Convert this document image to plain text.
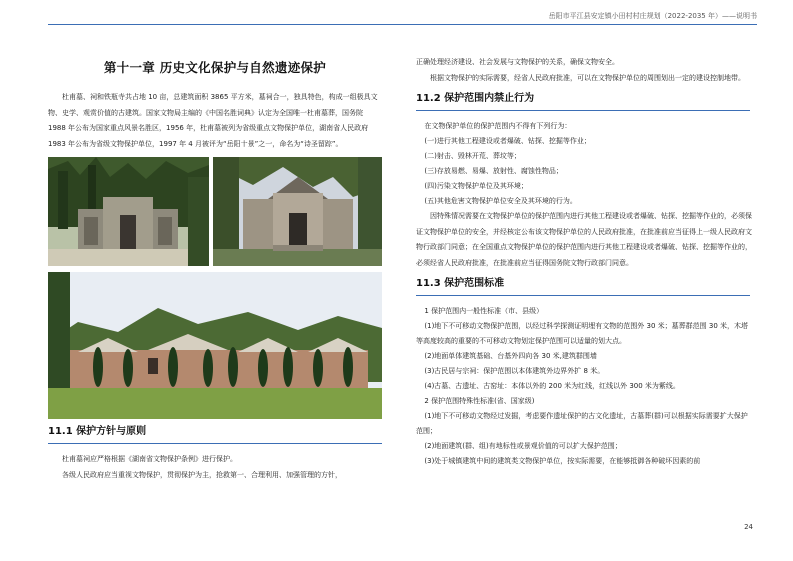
岳阳市平江县安定镇小田村村庄规划（2022-2035 年）——说明书
第十一章 历史文化保护与自然遗迹保护

杜甫墓、祠和铁瓶寺共占地 10 亩，总建筑面积 3865 平方米，墓祠合一，独具特色，构成一组极具文物、史学、观赏价值的古建筑。国家文物局主编的《中国名胜词典》认定为全国唯一杜甫墓葬，国务院 1988 年公布为国家重点风景名胜区，1956 年，杜甫墓被列为省级重点文物保护单位，湖南省人民政府 1983 年公布为省级文物保护单位，1997 年 4 月被评为“岳阳十景”之一，命名为“诗圣留踪”。

11.1 保护方针与原则

杜甫墓祠应严格根据《湖南省文物保护条例》进行保护。

各级人民政府应当重视文物保护，贯彻保护为主，抢救第一、合理利用、加强管理的方针，

正确处理经济建设、社会发展与文物保护的关系，确保文物安全。

根据文物保护的实际需要，经省人民政府批准，可以在文物保护单位的周围划出一定的建设控制地带。

11.2 保护范围内禁止行为

在文物保护单位的保护范围内不得有下列行为：

(一)进行其他工程建设或者爆破、钻探、挖掘等作业；

(二)射击、毁林开荒、葬坟等；

(三)存放易燃、易爆、放射性、腐蚀性物品；

(四)污染文物保护单位及其环境；

(五)其他危害文物保护单位安全及其环境的行为。

因特殊情况需要在文物保护单位的保护范围内进行其他工程建设或者爆破、钻探、挖掘等作业的，必须保证文物保护单位的安全，并经核定公布该文物保护单位的人民政府批准，在批准前应当征得上一级人民政府文物行政部门同意；在全国重点文物保护单位的保护范围内进行其他工程建设或者爆破、钻探、挖掘等作业的，必须经省人民政府批准，在批准前应当征得国务院文物行政部门同意。

11.3 保护范围标准

1 保护范围内一般性标准（市、县级）

(1)地下不可移动文物保护范围，以经过科学探测证明埋有文物的范围外 30 米；墓葬群范围 30 米，木塔等高度较高的重要的不可移动文物划定保护范围可以适量的划大点。

(2)地面单体建筑基础、台基外四向各 30 米,建筑群围墙

(3)古民居与宗祠：保护范围以本体建筑外边界外扩 8 米。

(4)古墓、古遗址、古窑址：本体以外的 200 米为红线，红线以外 300 米为紫线。

2 保护范围特殊性标准(省、国家级)

(1)地下不可移动文物经过发掘，考虑要作遗址保护的古文化遗址，古墓葬(群)可以根据实际需要扩大保护范围；

(2)地面建筑(群、组)有地标性或景观价值的可以扩大保护范围；

(3)处于城镇建筑中间的建筑类文物保护单位，按实际需要，在能够抵御各种破坏因素的前

24
